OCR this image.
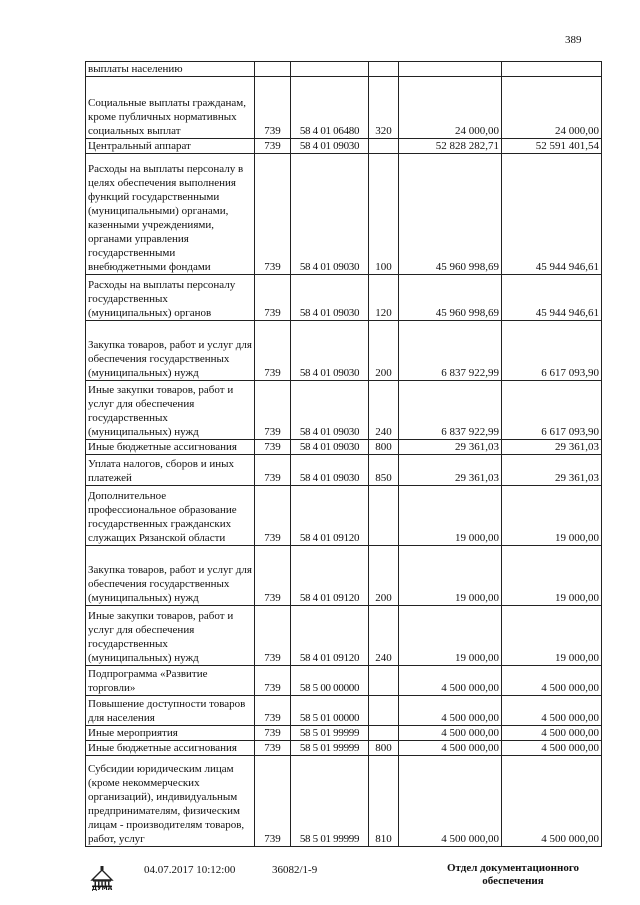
389
выплаты населению					
Социальные выплаты гражданам, кроме публичных нормативных социальных выплат	739	58 4 01 06480	320	24 000,00	24 000,00
Центральный аппарат	739	58 4 01 09030		52 828 282,71	52 591 401,54
Расходы на выплаты персоналу в целях обеспечения выполнения функций государственными (муниципальными) органами, казенными учреждениями, органами управления государственными внебюджетными фондами	739	58 4 01 09030	100	45 960 998,69	45 944 946,61
Расходы на выплаты персоналу государственных (муниципальных) органов	739	58 4 01 09030	120	45 960 998,69	45 944 946,61
Закупка товаров, работ и услуг для обеспечения государственных (муниципальных) нужд	739	58 4 01 09030	200	6 837 922,99	6 617 093,90
Иные закупки товаров, работ и услуг для обеспечения государственных (муниципальных) нужд	739	58 4 01 09030	240	6 837 922,99	6 617 093,90
Иные бюджетные ассигнования	739	58 4 01 09030	800	29 361,03	29 361,03
Уплата налогов, сборов и иных платежей	739	58 4 01 09030	850	29 361,03	29 361,03
Дополнительное профессиональное образование государственных гражданских служащих Рязанской области	739	58 4 01 09120		19 000,00	19 000,00
Закупка товаров, работ и услуг для обеспечения государственных (муниципальных) нужд	739	58 4 01 09120	200	19 000,00	19 000,00
Иные закупки товаров, работ и услуг для обеспечения государственных (муниципальных) нужд	739	58 4 01 09120	240	19 000,00	19 000,00
Подпрограмма «Развитие торговли»	739	58 5 00 00000		4 500 000,00	4 500 000,00
Повышение доступности товаров для населения	739	58 5 01 00000		4 500 000,00	4 500 000,00
Иные мероприятия	739	58 5 01 99999		4 500 000,00	4 500 000,00
Иные бюджетные ассигнования	739	58 5 01 99999	800	4 500 000,00	4 500 000,00
Субсидии юридическим лицам (кроме некоммерческих организаций), индивидуальным предпринимателям, физическим лицам - производителям товаров, работ, услуг	739	58 5 01 99999	810	4 500 000,00	4 500 000,00
ДУМА
04.07.2017 10:12:00	36082/1-9	Отдел документационного
обеспечения
